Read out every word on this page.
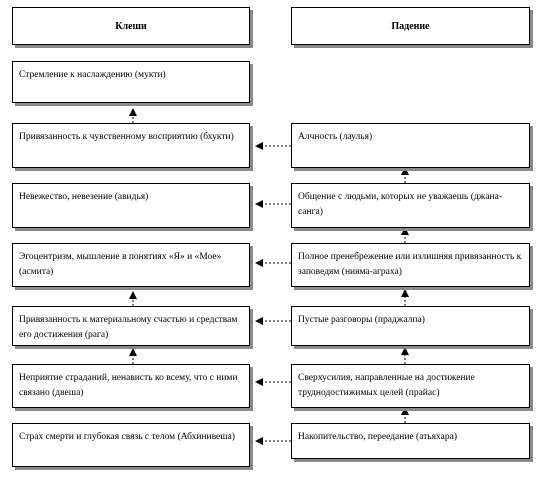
Клеши	Падение
Стремление к наслаждению (мукти)
Привязанность к чувственному восприятию (бхукти)
Невежество, невезение (авидья)
Эгоцентризм, мышление в понятиях «Я» и «Мое» (асмита)
Привязанность к материальному счастью и средствам его достижения (рага)
Неприятие страданий, ненависть ко всему, что с ними связано (двеша)
Страх смерти и глубокая связь с телом (Абхинивеша)
Алчность (лаулья)
Общение с людьми, которых не уважаешь (джана-санга)
Полное пренебрежение или излишняя привязанность к заповедям (нияма-аграха)
Пустые разговоры (праджалпа)
Сверхусилия, направленные на достижение труднодостижимых целей (прайас)
Накопительство, переедание (атьяхара)
